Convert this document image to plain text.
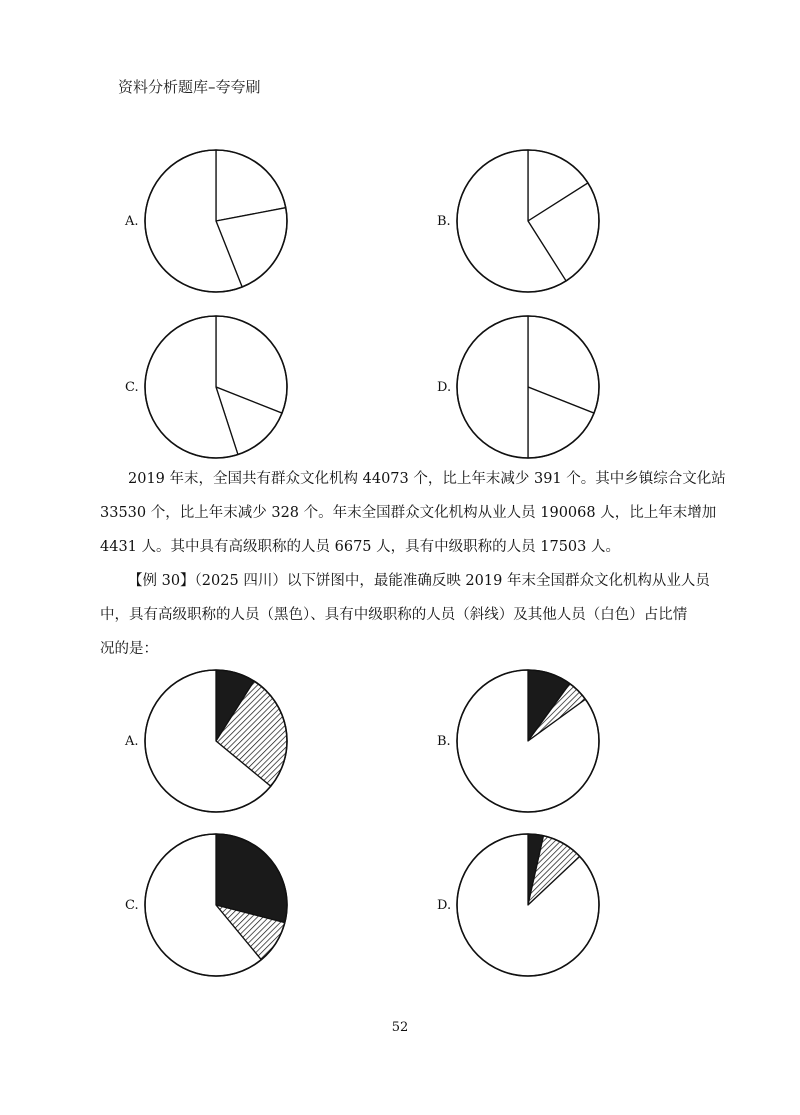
资料分析题库–夸夸刷
A.	B.
C.	D.

2019 年末，全国共有群众文化机构 44073 个，比上年末减少 391 个。其中乡镇综合文化站
33530 个，比上年末减少 328 个。年末全国群众文化机构从业人员 190068 人，比上年末增加
4431 人。其中具有高级职称的人员 6675 人，具有中级职称的人员 17503 人。

【例 30】（2025 四川）以下饼图中，最能准确反映 2019 年末全国群众文化机构从业人员
中，具有高级职称的人员（黑色）、具有中级职称的人员（斜线）及其他人员（白色）占比情
况的是：

A.	B.
C.	D.
52
